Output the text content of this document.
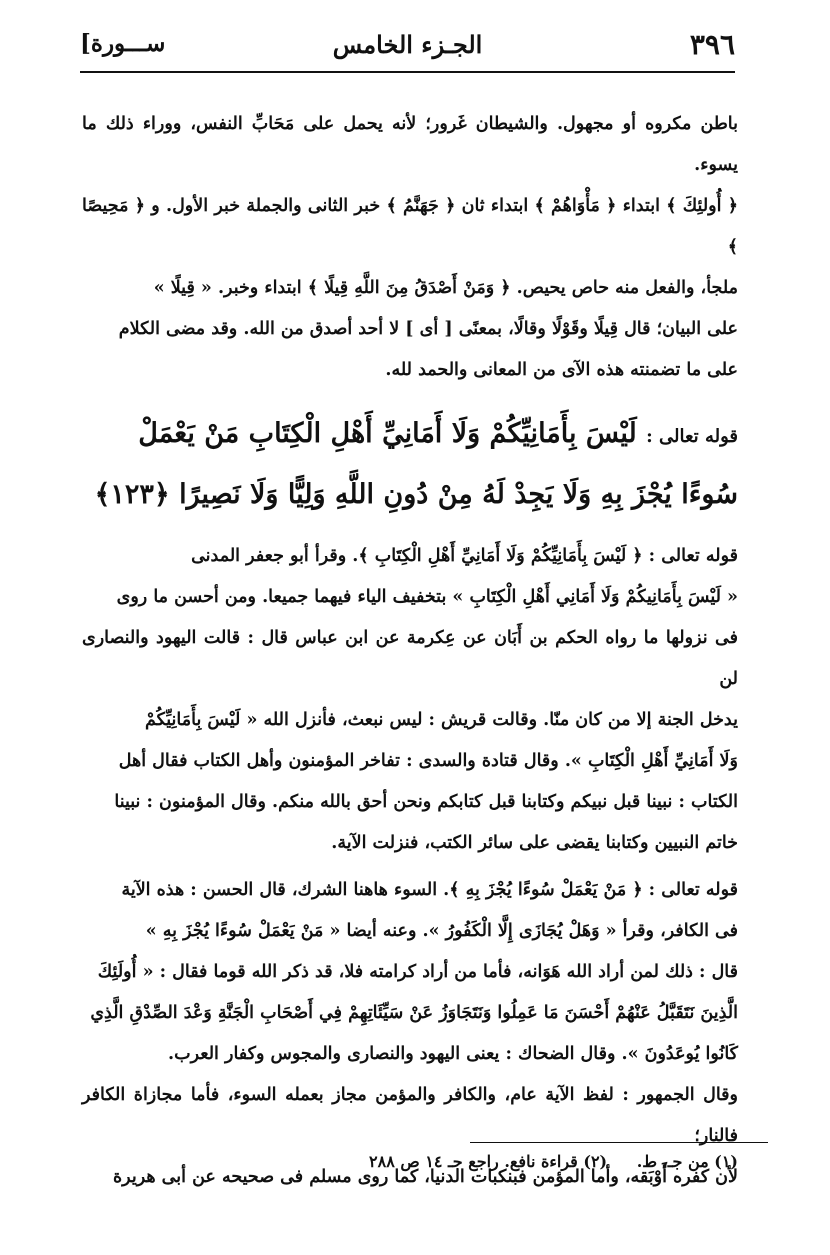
٣٩٦
الجـزء الخامس
[ســـورة

باطن مكروه أو مجهول. والشيطان غَرور؛ لأنه يحمل على مَحَابِّ النفس، ووراء ذلك ما يسوء.

﴿ أُولئِكَ ﴾ ابتداء ﴿ مَأْوَاهُمْ ﴾ ابتداء ثان ﴿ جَهَنَّمُ ﴾ خبر الثانى والجملة خبر الأول. و ﴿ مَحِيصًا ﴾

ملجأ، والفعل منه حاص يحيص. ﴿ وَمَنْ أَصْدَقُ مِنَ اللَّهِ قِيلًا ﴾ ابتداء وخبر. « قِيلًا »

على البيان؛ قال قِيلًا وقَوْلًا وقالًا، بمعنًى [ أى ] لا أحد أصدق من الله. وقد مضى الكلام

على ما تضمنته هذه الآى من المعانى والحمد لله.

قوله تعالى : لَيْسَ بِأَمَانِيِّكُمْ وَلَا أَمَانِيِّ أَهْلِ الْكِتَابِ مَنْ يَعْمَلْ
سُوءًا يُجْزَ بِهِ وَلَا يَجِدْ لَهُ مِنْ دُونِ اللَّهِ وَلِيًّا وَلَا نَصِيرًا ﴿١٢٣﴾

قوله تعالى : ﴿ لَيْسَ بِأَمَانِيِّكُمْ وَلَا أَمَانِيِّ أَهْلِ الْكِتَابِ ﴾. وقرأ أبو جعفر المدنى

« لَيْسَ بِأَمَانِيكُمْ وَلَا أَمَانِي أَهْلِ الْكِتَابِ » بتخفيف الياء فيهما جميعا. ومن أحسن ما روى

فى نزولها ما رواه الحكم بن أَبَان عن عِكرمة عن ابن عباس قال : قالت اليهود والنصارى لن

يدخل الجنة إلا من كان منّا. وقالت قريش : ليس نبعث، فأنزل الله « لَيْسَ بِأَمَانِيِّكُمْ

وَلَا أَمَانِيِّ أَهْلِ الْكِتَابِ ». وقال قتادة والسدى : تفاخر المؤمنون وأهل الكتاب فقال أهل

الكتاب : نبينا قبل نبيكم وكتابنا قبل كتابكم ونحن أحق بالله منكم. وقال المؤمنون : نبينا

خاتم النبيين وكتابنا يقضى على سائر الكتب، فنزلت الآية.

قوله تعالى : ﴿ مَنْ يَعْمَلْ سُوءًا يُجْزَ بِهِ ﴾. السوء هاهنا الشرك، قال الحسن : هذه الآية

فى الكافر، وقرأ « وَهَلْ يُجَازَى إِلَّا الْكَفُورُ ». وعنه أيضا « مَنْ يَعْمَلْ سُوءًا يُجْزَ بِهِ »

قال : ذلك لمن أراد الله هَوَانه، فأما من أراد كرامته فلا، قد ذكر الله قوما فقال : « أُولَئِكَ

الَّذِينَ نَتَقَبَّلُ عَنْهُمْ أَحْسَنَ مَا عَمِلُوا وَنَتَجَاوَزُ عَنْ سَيِّئَاتِهِمْ فِي أَصْحَابِ الْجَنَّةِ وَعْدَ الصِّدْقِ الَّذِي

كَانُوا يُوعَدُونَ ». وقال الضحاك : يعنى اليهود والنصارى والمجوس وكفار العرب.

وقال الجمهور : لفظ الآية عام، والكافر والمؤمن مجاز بعمله السوء، فأما مجازاة الكافر فالنار؛

لأن كفره أَوْبَقه، وأما المؤمن فبنكبات الدنيا، كما روى مسلم فى صحيحه عن أبى هريرة

(١) من جـ، ط. (٢) قراءة نافع. راجع جـ ١٤ ص ٢٨٨
